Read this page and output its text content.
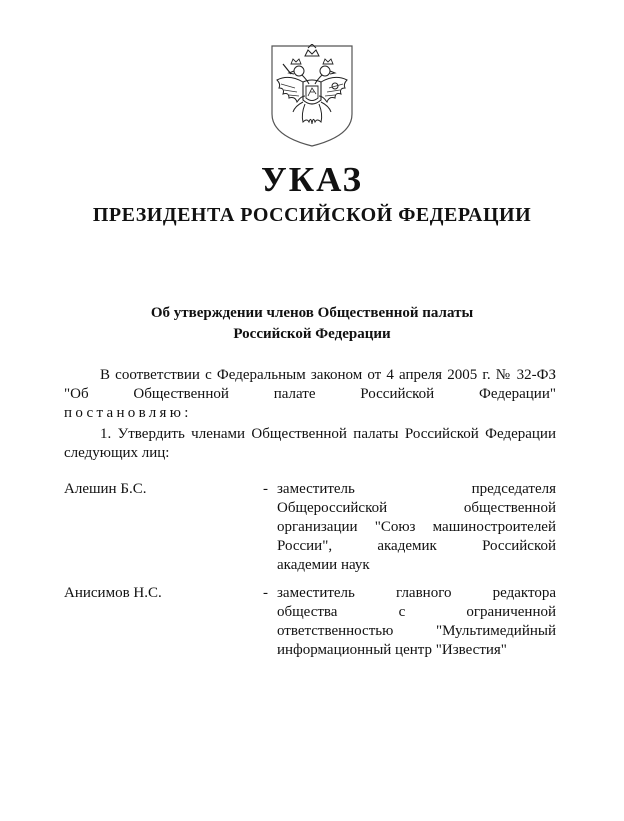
УКАЗ
ПРЕЗИДЕНТА РОССИЙСКОЙ ФЕДЕРАЦИИ
Об утверждении членов Общественной палаты
Российской Федерации

В соответствии с Федеральным законом от 4 апреля 2005 г. № 32-ФЗ "Об Общественной палате Российской Федерации"

постановляю:

1. Утвердить членами Общественной палаты Российской Федерации следующих лиц:

Алешин Б.С.	- заместитель председателя
Общероссийской общественной
организации "Союз машиностроителей
России", академик Российской
академии наук
Анисимов Н.С.	- заместитель главного редактора
общества с ограниченной
ответственностью "Мультимедийный
информационный центр "Известия"
